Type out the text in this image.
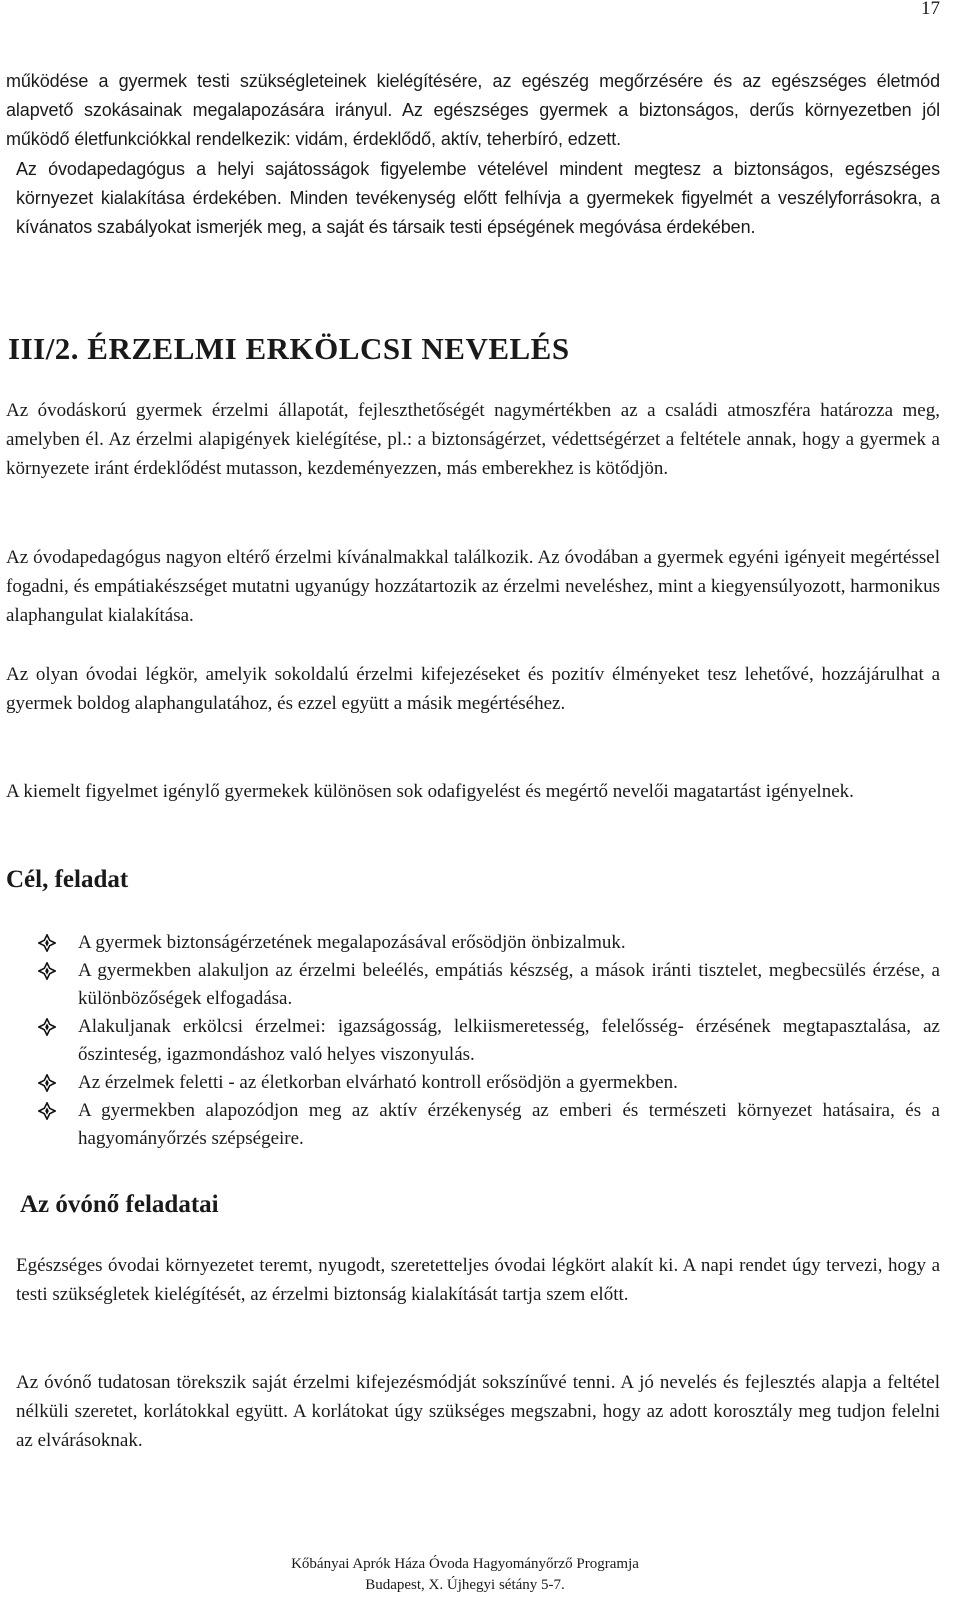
17

működése a gyermek testi szükségleteinek kielégítésére, az egészég megőrzésére és az egészséges életmód alapvető szokásainak megalapozására irányul. Az egészséges gyermek a biztonságos, derűs környezetben jól működő életfunkciókkal rendelkezik: vidám, érdeklődő, aktív, teherbíró, edzett.

Az óvodapedagógus a helyi sajátosságok figyelembe vételével mindent megtesz a biztonságos, egészséges környezet kialakítása érdekében. Minden tevékenység előtt felhívja a gyermekek figyelmét a veszélyforrásokra, a kívánatos szabályokat ismerjék meg, a saját és társaik testi épségének megóvása érdekében.

III/2. ÉRZELMI ERKÖLCSI NEVELÉS

Az óvodáskorú gyermek érzelmi állapotát, fejleszthetőségét nagymértékben az a családi atmoszféra határozza meg, amelyben él. Az érzelmi alapigények kielégítése, pl.: a biztonságérzet, védettségérzet a feltétele annak, hogy a gyermek a környezete iránt érdeklődést mutasson, kezdeményezzen, más emberekhez is kötődjön.

Az óvodapedagógus nagyon eltérő érzelmi kívánalmakkal találkozik. Az óvodában a gyermek egyéni igényeit megértéssel fogadni, és empátiakészséget mutatni ugyanúgy hozzátartozik az érzelmi neveléshez, mint a kiegyensúlyozott, harmonikus alaphangulat kialakítása.

Az olyan óvodai légkör, amelyik sokoldalú érzelmi kifejezéseket és pozitív élményeket tesz lehetővé, hozzájárulhat a gyermek boldog alaphangulatához, és ezzel együtt a másik megértéséhez.

A kiemelt figyelmet igénylő gyermekek különösen sok odafigyelést és megértő nevelői magatartást igényelnek.

Cél, feladat
A gyermek biztonságérzetének megalapozásával erősödjön önbizalmuk.
A gyermekben alakuljon az érzelmi beleélés, empátiás készség, a mások iránti tisztelet, megbecsülés érzése, a különbözőségek elfogadása.
Alakuljanak erkölcsi érzelmei: igazságosság, lelkiismeretesség, felelősség- érzésének megtapasztalása, az őszinteség, igazmondáshoz való helyes viszonyulás.
Az érzelmek feletti - az életkorban elvárható kontroll erősödjön a gyermekben.
A gyermekben alapozódjon meg az aktív érzékenység az emberi és természeti környezet hatásaira, és a hagyományőrzés szépségeire.
Az óvónő feladatai

Egészséges óvodai környezetet teremt, nyugodt, szeretetteljes óvodai légkört alakít ki. A napi rendet úgy tervezi, hogy a testi szükségletek kielégítését, az érzelmi biztonság kialakítását tartja szem előtt.

Az óvónő tudatosan törekszik saját érzelmi kifejezésmódját sokszínűvé tenni. A jó nevelés és fejlesztés alapja a feltétel nélküli szeretet, korlátokkal együtt. A korlátokat úgy szükséges megszabni, hogy az adott korosztály meg tudjon felelni az elvárásoknak.

Kőbányai Aprók Háza Óvoda Hagyományőrző Programja
Budapest, X. Újhegyi sétány 5-7.
